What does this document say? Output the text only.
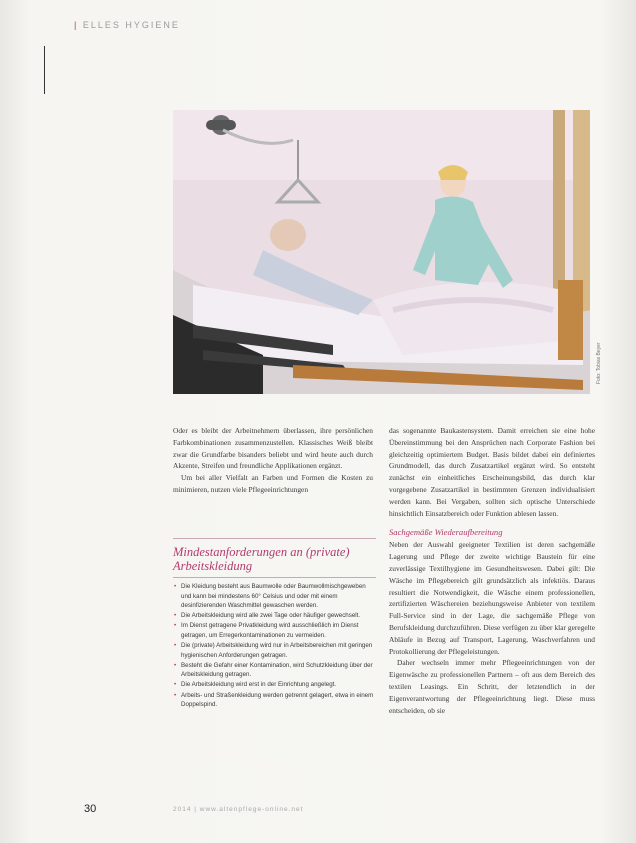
| ELLES HYGIENE
Foto: Tobias Beyer

Oder es bleibt der Arbeitnehmern überlassen, ihre persönlichen Farbkombinationen zusammenzustellen. Klassisches Weiß bleibt zwar die Grundfarbe bisanders beliebt und wird heute auch durch Akzente, Streifen und freundliche Applikationen ergänzt.

Um bei aller Vielfalt an Farben und Formen die Kosten zu minimieren, nutzen viele Pflegeeinrichtungen

Mindestanforderungen an (private) Arbeitskleidung
• Die Kleidung besteht aus Baumwolle oder Baumwollmischgeweben und kann bei mindestens 60° Celsius und oder mit einem desinfizierenden Waschmittel gewaschen werden.
• Die Arbeitskleidung wird alle zwei Tage oder häufiger gewechselt.
• Im Dienst getragene Privatkleidung wird ausschließlich im Dienst getragen, um Erregerkontaminationen zu vermeiden.
• Die (private) Arbeitskleidung wird nur in Arbeitsbereichen mit geringen hygienischen Anforderungen getragen.
• Besteht die Gefahr einer Kontamination, wird Schutzkleidung über der Arbeitskleidung getragen.
• Die Arbeitskleidung wird erst in der Einrichtung angelegt.
• Arbeits- und Straßenkleidung werden getrennt gelagert, etwa in einem Doppelspind.

das sogenannte Baukastensystem. Damit erreichen sie eine hohe Übereinstimmung bei den Ansprüchen nach Corporate Fashion bei gleichzeitig optimiertem Budget. Basis bildet dabei ein definiertes Grundmodell, das durch Zusatzartikel ergänzt wird. So entsteht zunächst ein einheitliches Erscheinungsbild, das durch klar vorgegebene Zusatzartikel in bestimmten Grenzen individualisiert werden kann. Bei Vergaben, sollten sich optische Unterschiede hinsichtlich Einsatzbereich oder Funktion ablesen lassen.

Sachgemäße Wiederaufbereitung

Neben der Auswahl geeigneter Textilien ist deren sachgemäße Lagerung und Pflege der zweite wichtige Baustein für eine zuverlässige Textilhygiene im Gesundheitswesen. Dabei gilt: Die Wäsche im Pflegebereich gilt grundsätzlich als infektiös. Daraus resultiert die Notwendigkeit, die Wäsche einem professionellen, zertifizierten Wäschereien beziehungsweise Anbieter von textilem Full-Service sind in der Lage, die sachgemäße Pflege von Berufskleidung durchzuführen. Diese verfügen zu über klar geregelte Abläufe in Bezug auf Transport, Lagerung, Waschverfahren und Protokollierung der Pflegeleistungen.

Daher wechseln immer mehr Pflegeeinrichtungen von der Eigenwäsche zu professionellen Partnern – oft aus dem Bereich des textilen Leasings. Ein Schritt, der letztendlich in der Eigenverantwortung der Pflegeeinrichtung liegt. Diese muss entscheiden, ob sie

30	2014 | www.altenpflege-online.net
